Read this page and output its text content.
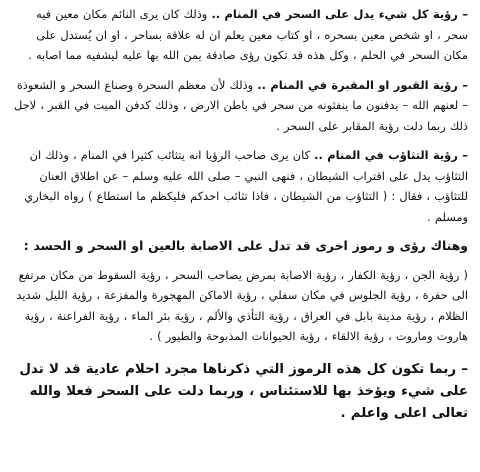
– رؤية كل شيء يدل على السحر في المنام .. وذلك كان يرى النائم مكان معين فيه سحر ، او شخص معين بسحره ، او كتاب معين يعلم ان له علاقة بساحر ، او ان يُستدل على مكان السحر في الحلم ، وكل هذه قد تكون رؤى صادقة يمن الله بها عليه ليشفيه مما اصابه .

– رؤية القبور او المقبرة في المنام .. وذلك لأن معظم السحرة وصناع السحر و الشعوذة – لعنهم الله – يدفنون ما ينفثونه من سحر في باطن الارض ، وذلك كدفن الميت في القبر ، لاجل ذلك ربما دلت رؤية المقابر على السحر .

– رؤية التثاؤب في المنام .. كان يرى صاحب الرؤيا انه يتثائب كثيرا في المنام ، وذلك ان التثاؤب يدل على اقتراب الشيطان ، فنهى النبي – صلى الله عليه وسلم – عن اطلاق العنان للتثاؤب ، فقال : ( التثاؤب من الشيطان ، فاذا تثائب احدكم فليكظم ما استطاع ) رواه البخاري ومسلم .

وهناك رؤى و رموز اخرى قد تدل على الاصابة بالعين او السحر و الحسد :

( رؤية الجن ، رؤية الكفار ، رؤية الاصابة بمرض يصاحب السحر ، رؤية السقوط من مكان مرتفع الى حفرة ، رؤية الجلوس في مكان سفلي ، رؤية الاماكن المهجورة والمفزعة ، رؤية الليل شديد الظلام ، رؤية مدينة بابل في العراق ، رؤية التأذي والألم ، رؤية بئر الماء ، رؤية الفراعنة ، رؤية هاروت وماروت ، رؤية الالقاء ، رؤية الحيوانات المذبوحة والطيور ) .

– ربما تكون كل هذه الرموز التي ذكرناها مجرد احلام عادية قد لا تدل على شيء ويؤخذ بها للاستئناس ، وربما دلت على السحر فعلا والله تعالى اعلى واعلم .
